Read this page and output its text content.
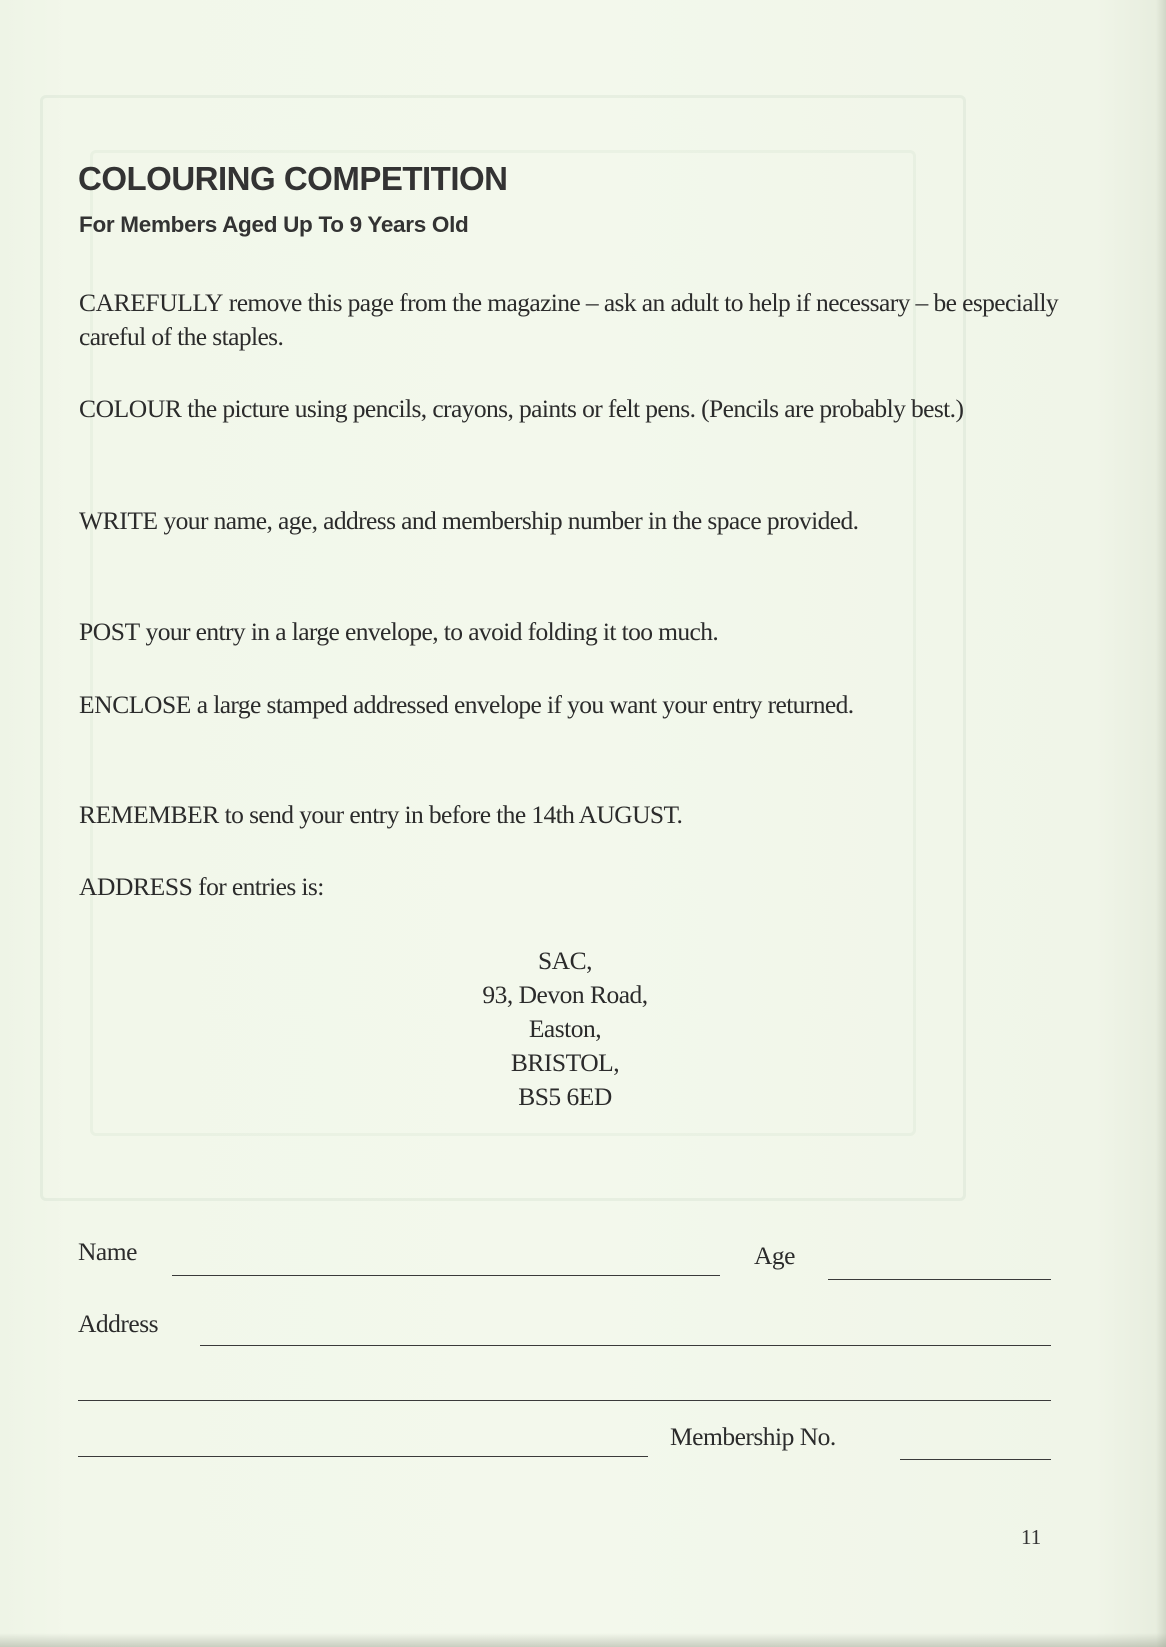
COLOURING COMPETITION
For Members Aged Up To 9 Years Old

CAREFULLY remove this page from the magazine – ask an adult to help if necessary – be especially careful of the staples.

COLOUR the picture using pencils, crayons, paints or felt pens. (Pencils are probably best.)

WRITE your name, age, address and membership number in the space provided.

POST your entry in a large envelope, to avoid folding it too much.

ENCLOSE a large stamped addressed envelope if you want your entry returned.

REMEMBER to send your entry in before the 14th AUGUST.

ADDRESS for entries is:

SAC,
93, Devon Road,
Easton,
BRISTOL,
BS5 6ED
Name	Age
Address
Membership No.
11
